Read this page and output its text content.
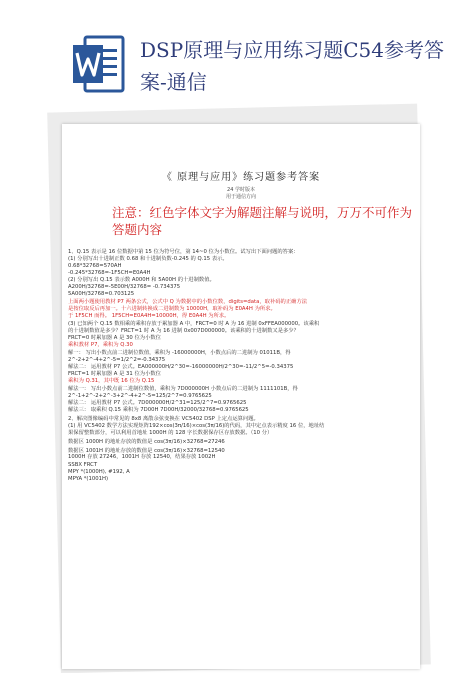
DSP原理与应用练习题C54参考答案-通信
《 原理与应用》练习题参考答案
24 学时版本
用于通信方向
注意：红色字体文字为解题注解与说明，万万不可作为答题内容
1、Q.15 表示是 16 位数据中第 15 位为符号位，第 14~0 位为小数位。试写出下面问题的答案：
(1) 分别写出十进制正数 0.68 和十进制负数-0.245 的 Q.15 表示。
0.68*32768=570AH
-0.245*32768=-1F5CH=E0A4H
(2) 分别写出 Q.15 表示数 A000H 和 5A00H 的十进制数值。
A200H/32768=-5E00H/32768= -0.734375
5A00H/32768=0.703125
上面两小题使用教材 P7 两条公式，公式中 Q 为数据中的小数位数，digits=data，取补码的正确方法
是按位取反后再加一。十六进制转换成二进制数为 10000H，取补码为 E0A4H 为所求。
于 1F5CH 而得。 1F5CH=E0A4H=10000H，得 E0A4H 为所求。
(3) 已知两个 Q.15 数相乘的乘积存放于累加器 A 中，FRCT=0 时 A 为 16 进制 0xFFEA000000。该乘积
的十进制数值是多少？FRCT=1 时 A 为 16 进制 0x007D000000。该乘积的十进制数又是多少？
FRCT=0 时累加器 A 是 30 位为小数位
乘积教材 P7，乘积为 Q.30
解一： 写出小数点前二进制位数值，乘积为 -16000000H，小数点后的二进制为 01011B，得
2^-2+2^-4+2^-5=1/2^2=-0.34375
解法二： 运用教材 P7 公式。EA000000H/2^30=-16000000H/2^30=-11/2^5=-0.34375
FRCT=1 时累加器 A 是 31 位为小数位
乘积为 Q.31，其中既 16 位为 Q.15
解法一： 写出小数点前二进制位数值，乘积为 7D000000H 小数点后的二进制为 1111101B，得
2^-1+2^-2+2^-3+2^-4+2^-5=125/2^7=0.9765625
解法二： 运用教材 P7 公式。7D000000H/2^31=125/2^7=0.9765625
解法三： 取乘积 Q.15 乘积为 7D00H 7D00H/32000/32768=0.9765625
2、解决图像编码中常见的 8x8 离散余弦变换在 VC5402 DSP 上定点运算问题。
(1) 用 VC5402 数学方法实现矩阵192×cos(3π/16)×cos(3π/16)的代码，其中定点表示精度 16 位，地址结
果保留整数部分，可以利用首地址 1000H 的 128 字长数据保存区存放数据。（10 分）
数据区 1000H 的地址存放的数值是 cos(3π/16)×32768=27246
数据区 1001H 的地址存放的数值是 cos(3π/16)×32768=12540
1000H 存放 27246，1001H 存放 12540，结果存放 1002H
SSBX FRCT
MPY *(1000H), #192, A
MPYA *(1001H)
